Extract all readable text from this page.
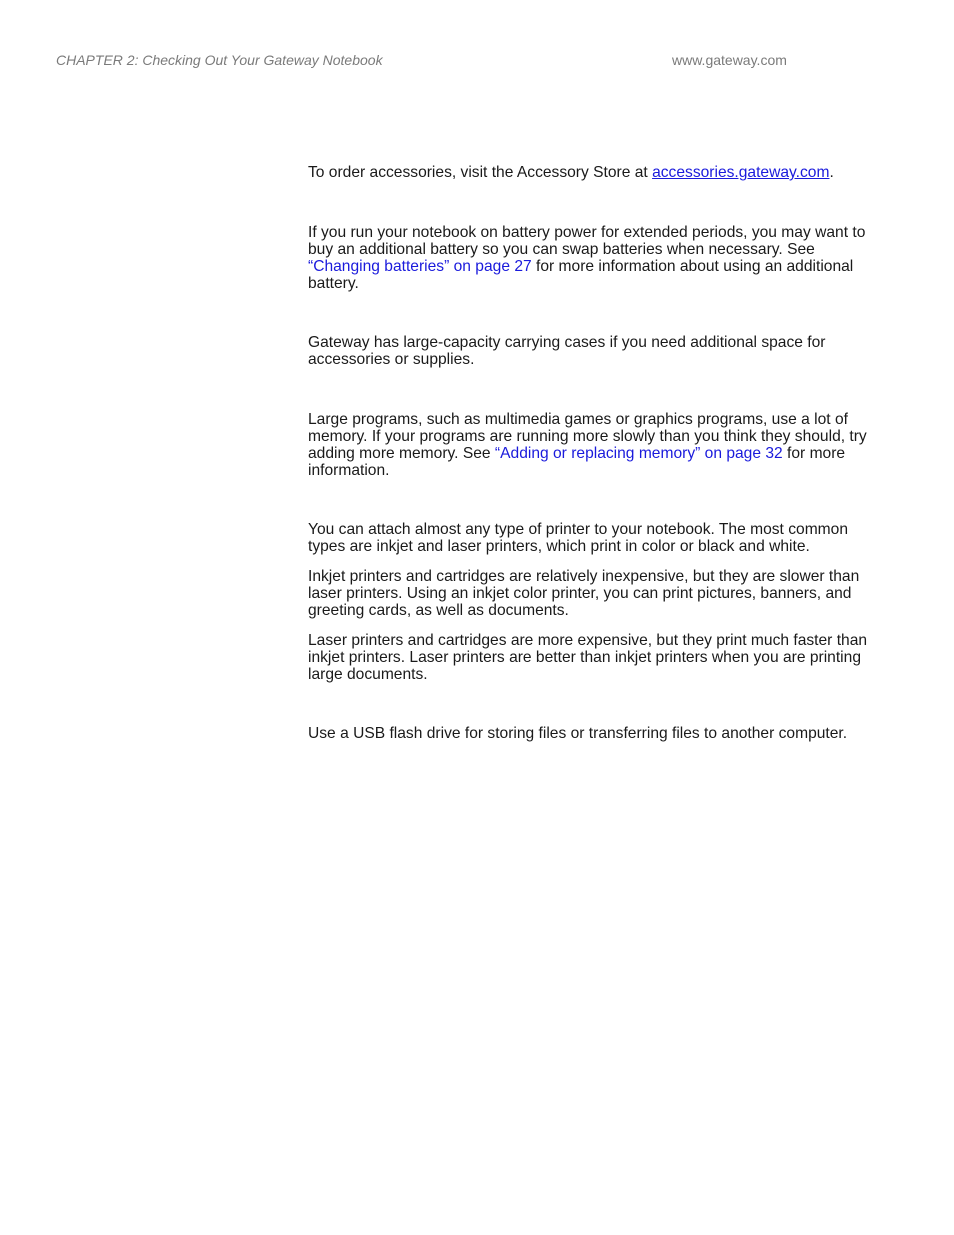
CHAPTER 2: Checking Out Your Gateway Notebook	www.gateway.com

To order accessories, visit the Accessory Store at accessories.gateway.com.

If you run your notebook on battery power for extended periods, you may want to buy an additional battery so you can swap batteries when necessary. See “Changing batteries” on page 27 for more information about using an additional battery.

Gateway has large-capacity carrying cases if you need additional space for accessories or supplies.

Large programs, such as multimedia games or graphics programs, use a lot of memory. If your programs are running more slowly than you think they should, try adding more memory. See “Adding or replacing memory” on page 32 for more information.

You can attach almost any type of printer to your notebook. The most common types are inkjet and laser printers, which print in color or black and white.

Inkjet printers and cartridges are relatively inexpensive, but they are slower than laser printers. Using an inkjet color printer, you can print pictures, banners, and greeting cards, as well as documents.

Laser printers and cartridges are more expensive, but they print much faster than inkjet printers. Laser printers are better than inkjet printers when you are printing large documents.

Use a USB flash drive for storing files or transferring files to another computer.
